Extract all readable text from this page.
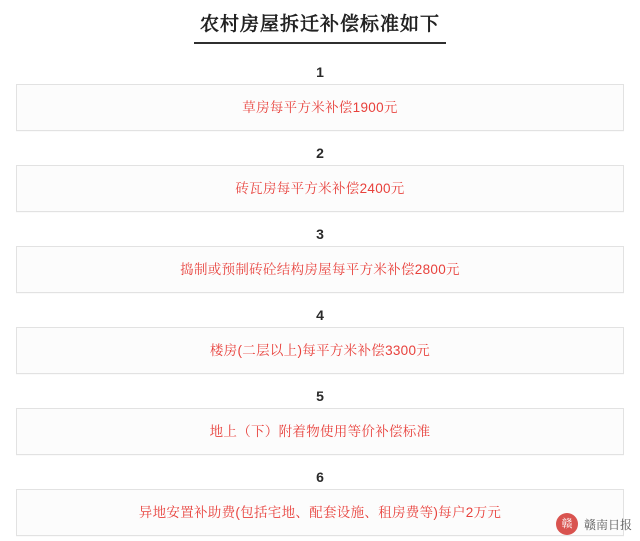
农村房屋拆迁补偿标准如下
1
草房每平方米补偿1900元
2
砖瓦房每平方米补偿2400元
3
捣制或预制砖砼结构房屋每平方米补偿2800元
4
楼房(二层以上)每平方米补偿3300元
5
地上（下）附着物使用等价补偿标准
6
异地安置补助费(包括宅地、配套设施、租房费等)每户2万元
赣 赣南日报
